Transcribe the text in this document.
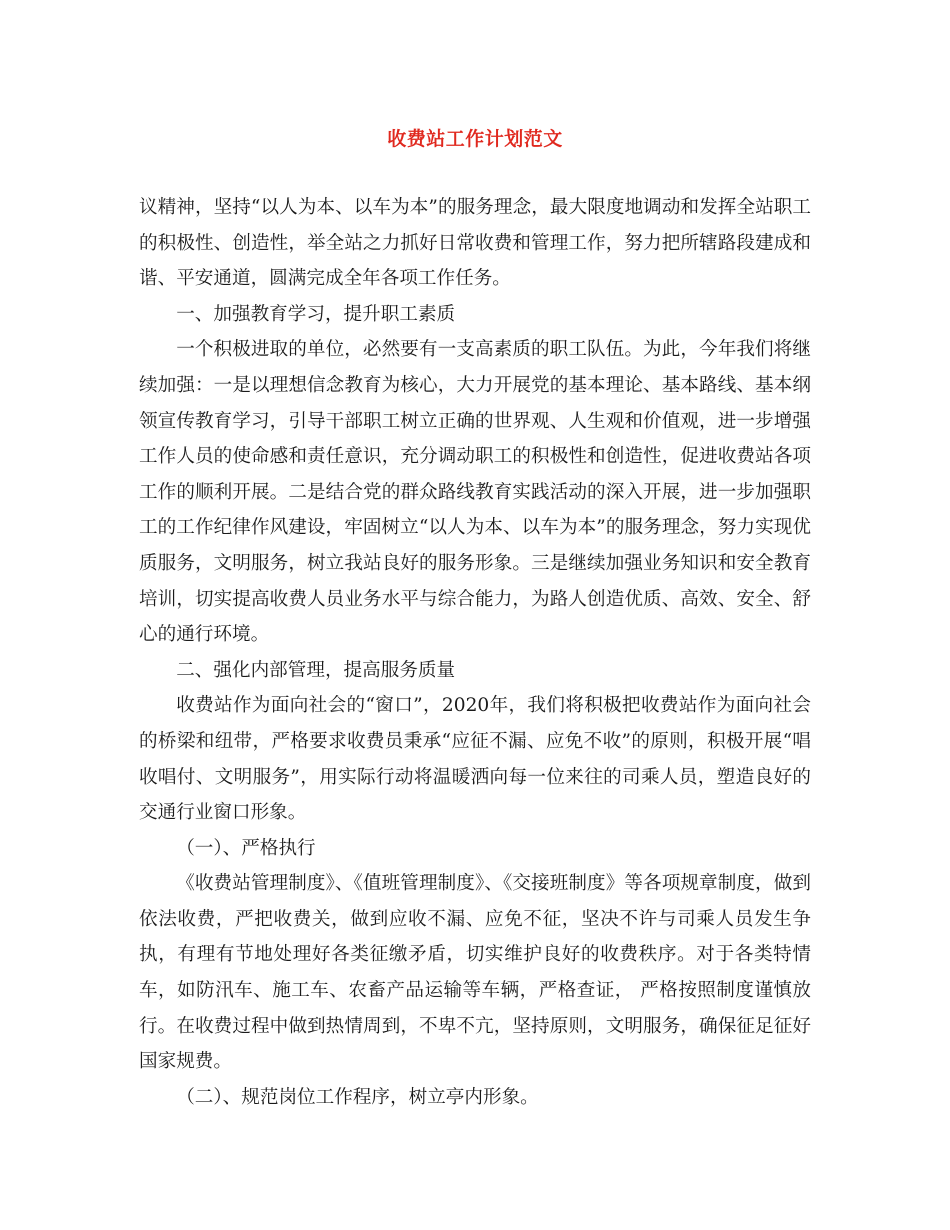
收费站工作计划范文

议精神，坚持“以人为本、以车为本”的服务理念，最大限度地调动和发挥全站职工的积极性、创造性，举全站之力抓好日常收费和管理工作，努力把所辖路段建成和谐、平安通道，圆满完成全年各项工作任务。

一、加强教育学习，提升职工素质

一个积极进取的单位，必然要有一支高素质的职工队伍。为此，今年我们将继续加强：一是以理想信念教育为核心，大力开展党的基本理论、基本路线、基本纲领宣传教育学习，引导干部职工树立正确的世界观、人生观和价值观，进一步增强工作人员的使命感和责任意识，充分调动职工的积极性和创造性，促进收费站各项工作的顺利开展。二是结合党的群众路线教育实践活动的深入开展，进一步加强职工的工作纪律作风建设，牢固树立“以人为本、以车为本”的服务理念，努力实现优质服务，文明服务，树立我站良好的服务形象。三是继续加强业务知识和安全教育培训，切实提高收费人员业务水平与综合能力，为路人创造优质、高效、安全、舒心的通行环境。

二、强化内部管理，提高服务质量

收费站作为面向社会的“窗口”，2020年，我们将积极把收费站作为面向社会的桥梁和纽带，严格要求收费员秉承“应征不漏、应免不收”的原则，积极开展“唱收唱付、文明服务”，用实际行动将温暖洒向每一位来往的司乘人员，塑造良好的交通行业窗口形象。

（一）、严格执行

《收费站管理制度》、《值班管理制度》、《交接班制度》等各项规章制度，做到依法收费，严把收费关，做到应收不漏、应免不征，坚决不许与司乘人员发生争执，有理有节地处理好各类征缴矛盾，切实维护良好的收费秩序。对于各类特情车，如防汛车、施工车、农畜产品运输等车辆，严格查证， 严格按照制度谨慎放行。在收费过程中做到热情周到，不卑不亢，坚持原则，文明服务，确保征足征好国家规费。

（二）、规范岗位工作程序，树立亭内形象。
